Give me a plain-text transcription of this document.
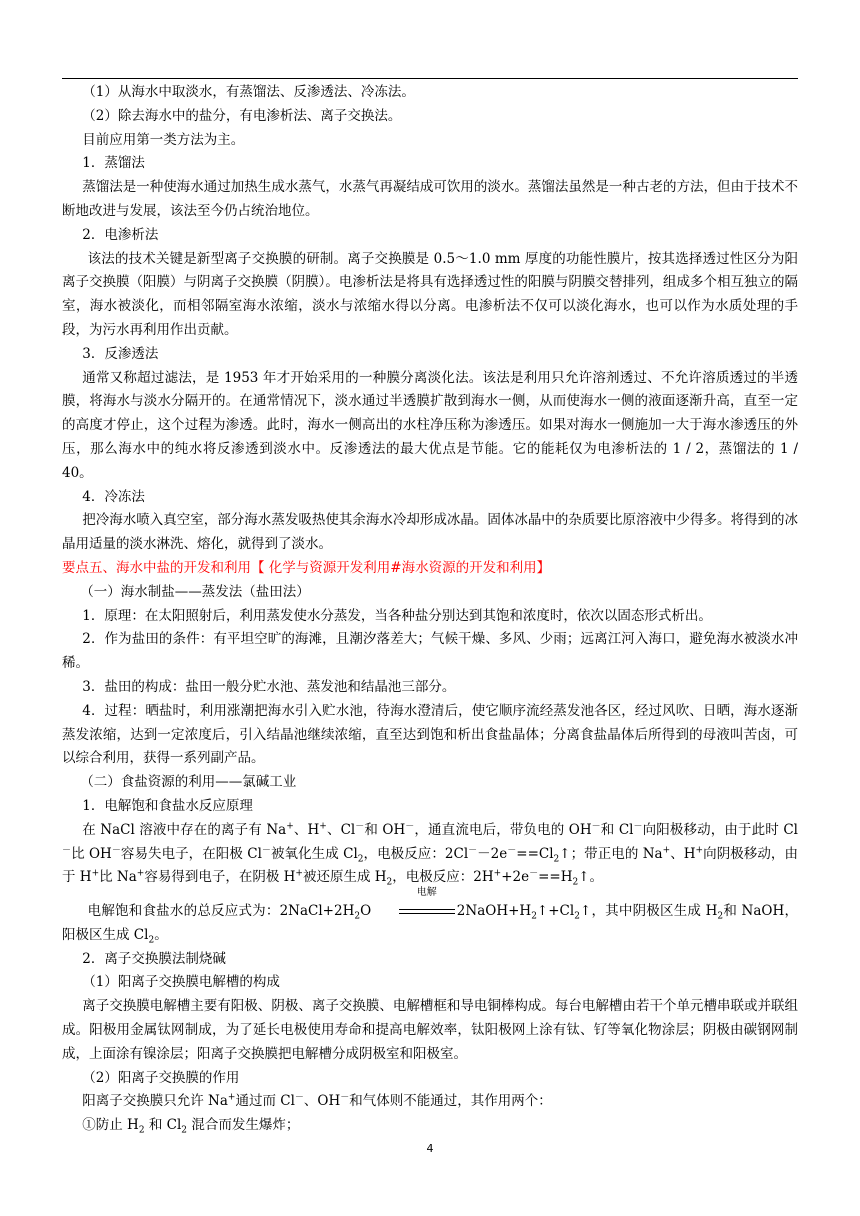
（1）从海水中取淡水，有蒸馏法、反渗透法、冷冻法。

（2）除去海水中的盐分，有电渗析法、离子交换法。

目前应用第一类方法为主。

1．蒸馏法

蒸馏法是一种使海水通过加热生成水蒸气，水蒸气再凝结成可饮用的淡水。蒸馏法虽然是一种古老的方法，但由于技术不断地改进与发展，该法至今仍占统治地位。

2．电渗析法

该法的技术关键是新型离子交换膜的研制。离子交换膜是 0.5～1.0 mm 厚度的功能性膜片，按其选择透过性区分为阳离子交换膜（阳膜）与阴离子交换膜（阴膜）。电渗析法是将具有选择透过性的阳膜与阴膜交替排列，组成多个相互独立的隔室，海水被淡化，而相邻隔室海水浓缩，淡水与浓缩水得以分离。电渗析法不仅可以淡化海水，也可以作为水质处理的手段，为污水再利用作出贡献。

3．反渗透法

通常又称超过滤法，是 1953 年才开始采用的一种膜分离淡化法。该法是利用只允许溶剂透过、不允许溶质透过的半透膜，将海水与淡水分隔开的。在通常情况下，淡水通过半透膜扩散到海水一侧，从而使海水一侧的液面逐渐升高，直至一定的高度才停止，这个过程为渗透。此时，海水一侧高出的水柱净压称为渗透压。如果对海水一侧施加一大于海水渗透压的外压，那么海水中的纯水将反渗透到淡水中。反渗透法的最大优点是节能。它的能耗仅为电渗析法的 1 / 2，蒸馏法的 1 / 40。

4．冷冻法

把冷海水喷入真空室，部分海水蒸发吸热使其余海水冷却形成冰晶。固体冰晶中的杂质要比原溶液中少得多。将得到的冰晶用适量的淡水淋洗、熔化，就得到了淡水。

要点五、海水中盐的开发和利用【 化学与资源开发利用#海水资源的开发和利用】

（一）海水制盐——蒸发法（盐田法）

1．原理：在太阳照射后，利用蒸发使水分蒸发，当各种盐分别达到其饱和浓度时，依次以固态形式析出。

2．作为盐田的条件：有平坦空旷的海滩，且潮汐落差大；气候干燥、多风、少雨；远离江河入海口，避免海水被淡水冲稀。

3．盐田的构成：盐田一般分贮水池、蒸发池和结晶池三部分。

4．过程：晒盐时，利用涨潮把海水引入贮水池，待海水澄清后，使它顺序流经蒸发池各区，经过风吹、日晒，海水逐渐蒸发浓缩，达到一定浓度后，引入结晶池继续浓缩，直至达到饱和析出食盐晶体；分离食盐晶体后所得到的母液叫苦卤，可以综合利用，获得一系列副产品。

（二）食盐资源的利用——氯碱工业

1．电解饱和食盐水反应原理

在 NaCl 溶液中存在的离子有 Na+、H+、Cl－和 OH－，通直流电后，带负电的 OH－和 Cl－向阳极移动，由于此时 Cl－比 OH－容易失电子，在阳极 Cl－被氧化生成 $Cl_2$，电极反应：$2Cl^--2e^-==Cl_2↑$；带正电的 Na+、H+向阴极移动，由于 H+比 Na+容易得到电子，在阴极 H+被还原生成 $H_2$，电极反应：$2H^++2e^-==H_2↑$。

电解饱和食盐水的总反应式为：$2NaCl+2H_2O$
电解
$2NaOH+H_2↑+Cl_2↑$，其中阴极区生成 $H_2$和 NaOH，阳极区生成 $Cl_2$。

2．离子交换膜法制烧碱

（1）阳离子交换膜电解槽的构成

离子交换膜电解槽主要有阳极、阴极、离子交换膜、电解槽框和导电铜棒构成。每台电解槽由若干个单元槽串联或并联组成。阳极用金属钛网制成，为了延长电极使用寿命和提高电解效率，钛阳极网上涂有钛、钌等氧化物涂层；阴极由碳钢网制成，上面涂有镍涂层；阳离子交换膜把电解槽分成阴极室和阳极室。

（2）阳离子交换膜的作用

阳离子交换膜只允许 Na+通过而 Cl－、OH－和气体则不能通过，其作用两个：

①防止 $H_2$ 和 $Cl_2$ 混合而发生爆炸；

4
